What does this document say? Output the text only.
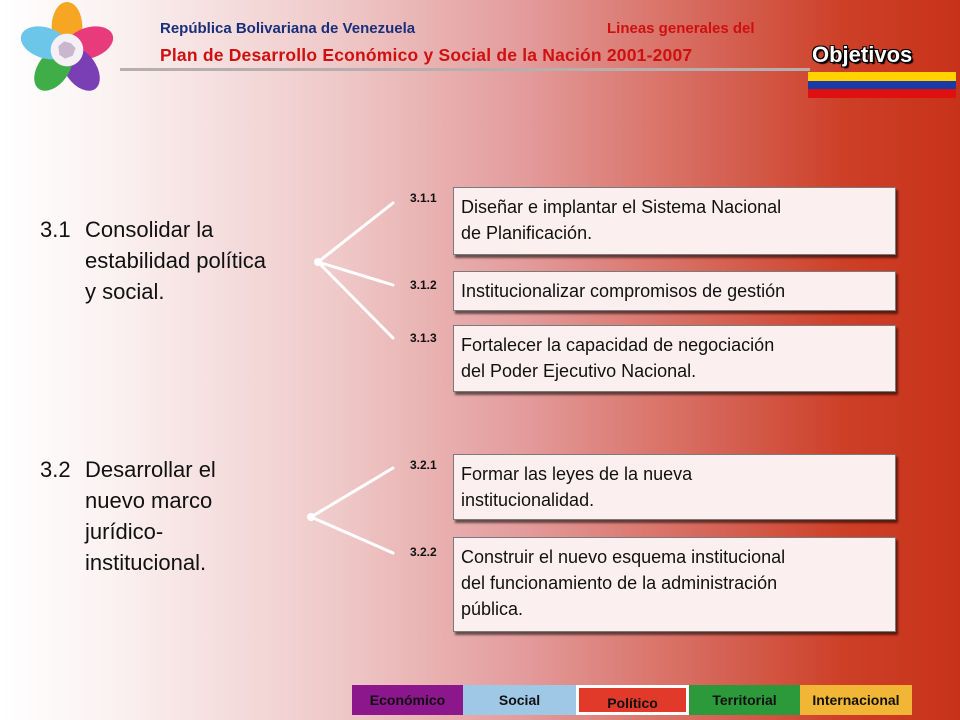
República Bolivariana de Venezuela	Lineas generales del
Plan de Desarrollo Económico y Social de la Nación 2001-2007	Objetivos
3.1 Consolidar la
estabilidad política
y social.
3.1.1 Diseñar e implantar el Sistema Nacional
de Planificación.
3.1.2 Institucionalizar compromisos de gestión
3.1.3 Fortalecer la capacidad de negociación
del Poder Ejecutivo Nacional.
3.2 Desarrollar el
nuevo marco
jurídico-
institucional.
3.2.1 Formar las leyes de la nueva
institucionalidad.
3.2.2 Construir el nuevo esquema institucional
del funcionamiento de la administración
pública.
Económico	Social	Político	Territorial	Internacional
